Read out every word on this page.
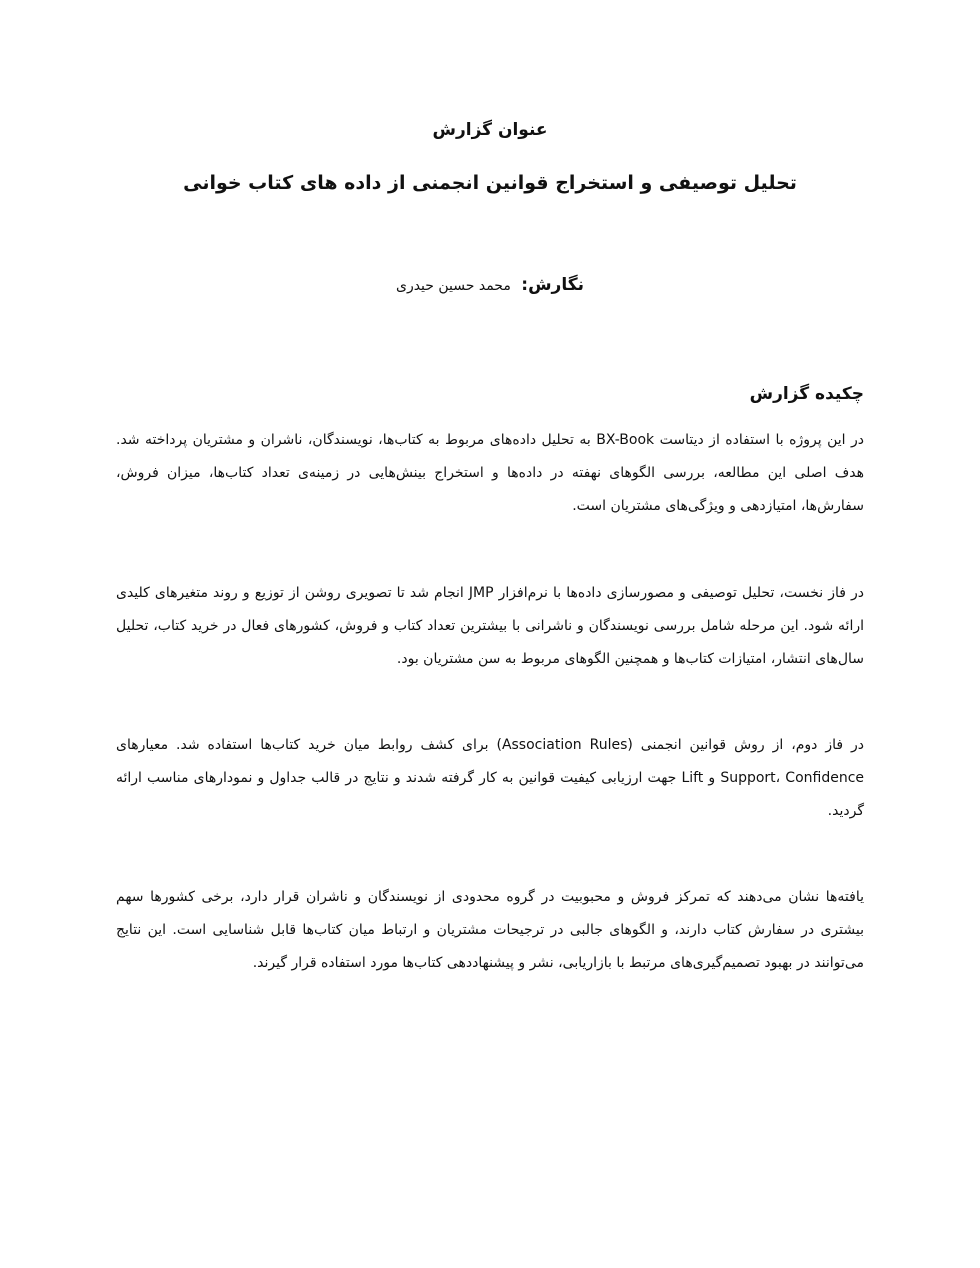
عنوان گزارش
تحلیل توصیفی و استخراج قوانین انجمنی از داده های کتاب خوانی
نگارش: محمد حسین حیدری
چکیده گزارش

در این پروژه با استفاده از دیتاست BX-Book به تحلیل داده‌های مربوط به کتاب‌ها، نویسندگان، ناشران و مشتریان پرداخته شد. هدف اصلی این مطالعه، بررسی الگوهای نهفته در داده‌ها و استخراج بینش‌هایی در زمینه‌ی تعداد کتاب‌ها، میزان فروش، سفارش‌ها، امتیازدهی و ویژگی‌های مشتریان است.

در فاز نخست، تحلیل توصیفی و مصورسازی داده‌ها با نرم‌افزار JMP انجام شد تا تصویری روشن از توزیع و روند متغیرهای کلیدی ارائه شود. این مرحله شامل بررسی نویسندگان و ناشرانی با بیشترین تعداد کتاب و فروش، کشورهای فعال در خرید کتاب، تحلیل سال‌های انتشار، امتیازات کتاب‌ها و همچنین الگوهای مربوط به سن مشتریان بود.

در فاز دوم، از روش قوانین انجمنی (Association Rules) برای کشف روابط میان خرید کتاب‌ها استفاده شد. معیارهای Support، Confidence و Lift جهت ارزیابی کیفیت قوانین به کار گرفته شدند و نتایج در قالب جداول و نمودارهای مناسب ارائه گردید.

یافته‌ها نشان می‌دهند که تمرکز فروش و محبوبیت در گروه محدودی از نویسندگان و ناشران قرار دارد، برخی کشورها سهم بیشتری در سفارش کتاب دارند، و الگوهای جالبی در ترجیحات مشتریان و ارتباط میان کتاب‌ها قابل شناسایی است. این نتایج می‌توانند در بهبود تصمیم‌گیری‌های مرتبط با بازاریابی، نشر و پیشنهاددهی کتاب‌ها مورد استفاده قرار گیرند.
